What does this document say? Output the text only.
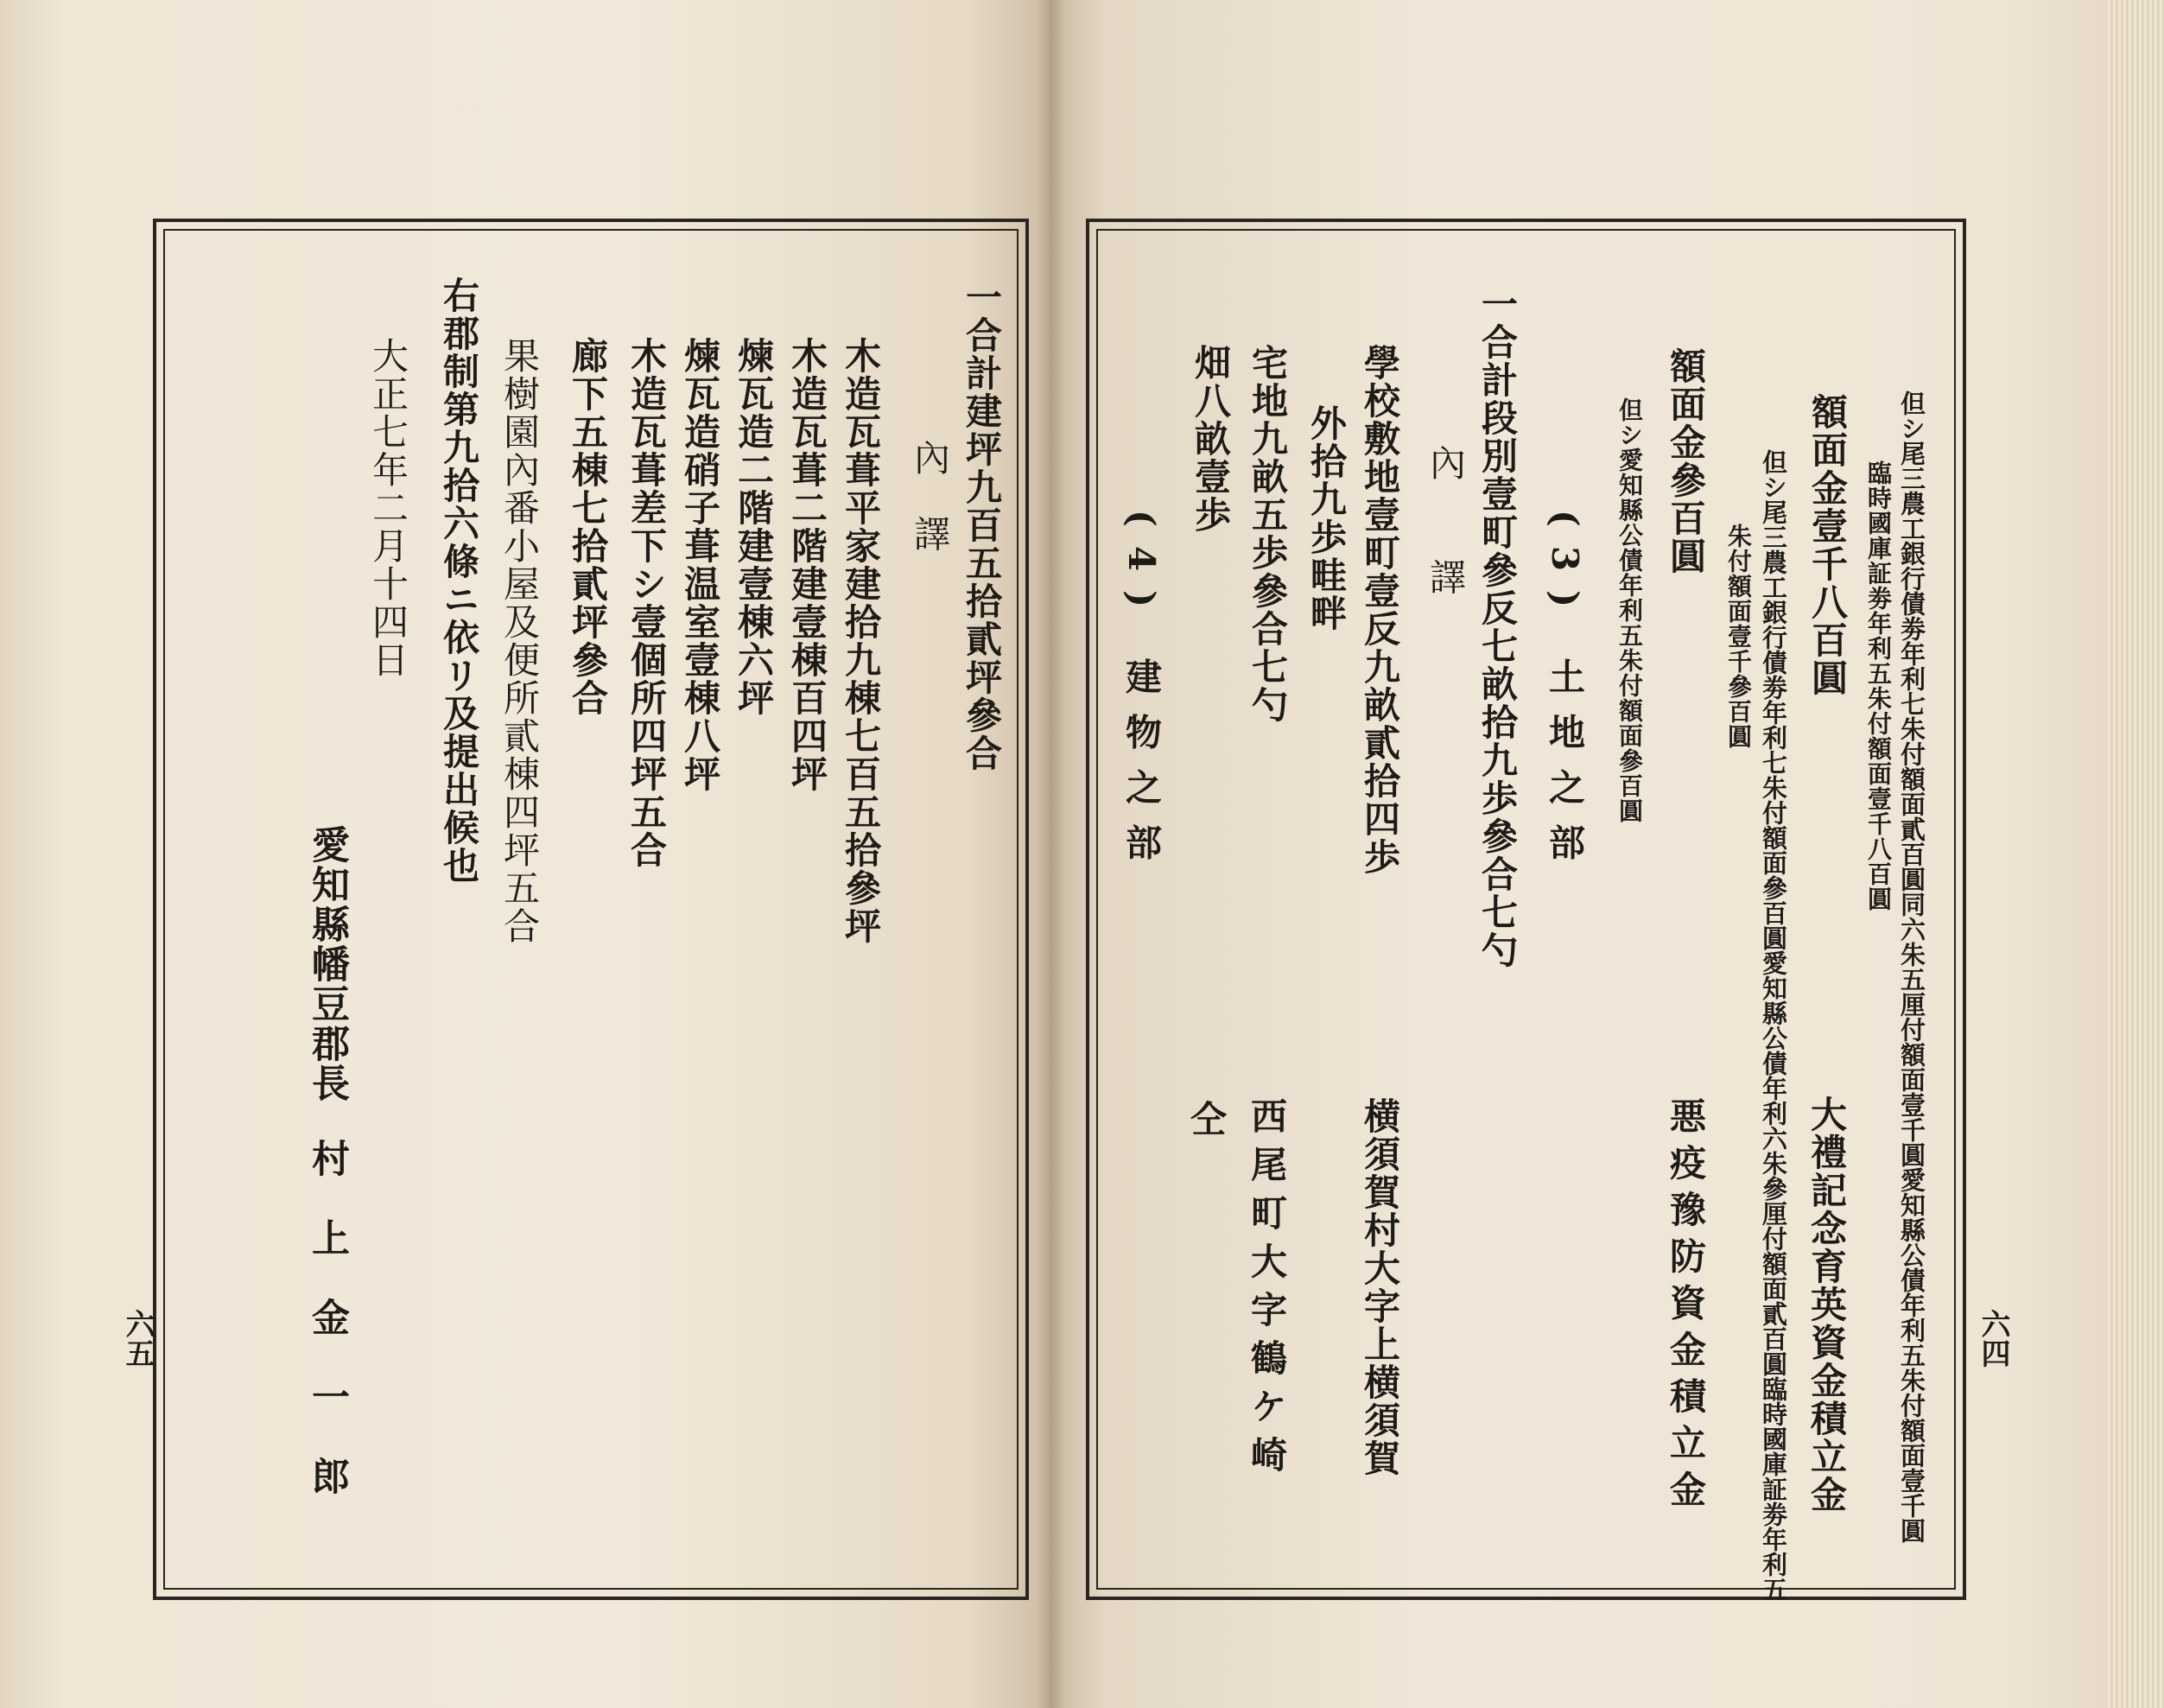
一合計建坪九百五拾貳坪參合
內　譯
木造瓦葺平家建拾九棟七百五拾參坪
木造瓦葺二階建壹棟百四坪
煉瓦造二階建壹棟六坪
煉瓦造硝子葺温室壹棟八坪
木造瓦葺差下シ壹個所四坪五合
廊下五棟七拾貳坪參合
果樹園內番小屋及便所貳棟四坪五合
右郡制第九拾六條ニ依リ及提出候也
大正七年二月十四日
愛知縣幡豆郡長
村上金一郎
六五	但シ尾三農工銀行債劵年利七朱付額面貳百圓同六朱五厘付額面壹千圓愛知縣公債年利五朱付額面壹千圓
臨時國庫証劵年利五朱付額面壹千八百圓
額面金壹千八百圓
但シ尾三農工銀行債劵年利七朱付額面參百圓愛知縣公債年利六朱參厘付額面貳百圓臨時國庫証劵年利五
朱付額面壹千參百圓
額面金參百圓
但シ愛知縣公債年利五朱付額面參百圓
(3) 土地之部
一合計段別壹町參反七畝拾九歩參合七勺
內　譯
學校敷地壹町壹反九畝貳拾四歩
外拾九歩畦畔
宅地九畝五歩參合七勺
畑八畝壹歩
(4) 建物之部
大禮記念育英資金積立金
悪疫豫防資金積立金
横須賀村大字上横須賀
西尾町大字鶴ケ崎
仝
六四
